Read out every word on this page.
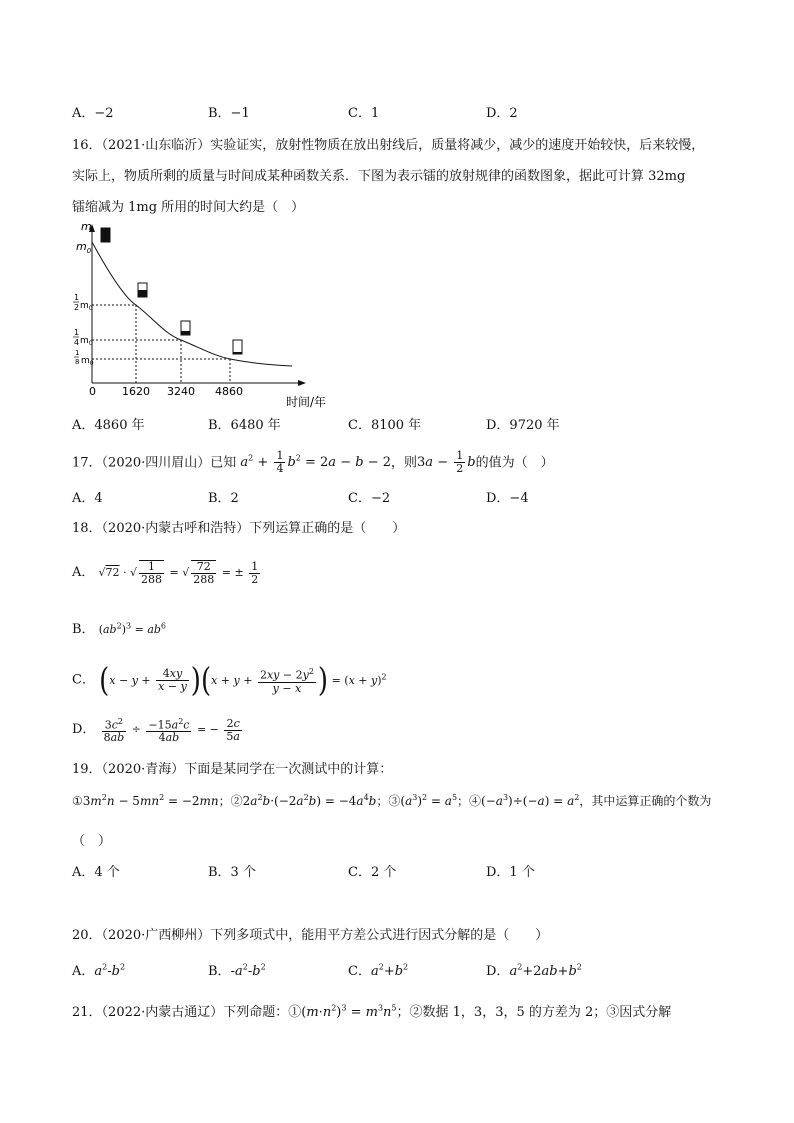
A．−2	B．−1	C．1	D．2
16．（2021·山东临沂）实验证实，放射性物质在放出射线后，质量将减少，减少的速度开始较快，后来较慢，
实际上，物质所剩的质量与时间成某种函数关系．下图为表示镭的放射规律的函数图象，据此可计算 32mg
镭缩减为 1mg 所用的时间大约是（　）
m
$m_0$
1
2 $m_0$
1
4 $m_0$
1
8 $m_0$
0 1620 3240 4860
时间/年
A．4860 年	B．6480 年	C．8100 年	D．9720 年
17．（2020·四川眉山）已知 $a^2 + \frac{1}{4} b^2 = 2a - b - 2$，则$3a - \frac{1}{2}$ b的值为（　）
A．4	B．2	C．−2	D．−4
18．（2020·内蒙古呼和浩特）下列运算正确的是（　　）
A． √72 · √ $\frac{1}{288}$ = √ $\frac{72}{288}$ = ± $\frac{1}{2}$
B． $(ab^2)^3 = ab^6$
C． $(x - y + \frac{4xy}{x - y} )(x + y + \frac{2xy - 2y^2}{y - x}$ ) = $(x + y)^2$
D． $\frac{3c^2}{8ab} \div \frac{-15a^2c}{4ab}$ = − $\frac{2c}{5a}$
19．（2020·青海）下面是某同学在一次测试中的计算：
$①3m^2n - 5mn^2 = -2mn$；$②2a^2b\cdot(-2a^2b) = -4a^4b$；$③(a^3)^2 = a^5$；$④(-a^3)\div(-a) = a^2$，其中运算正确的个数为
（　）
A．4 个	B．3 个	C．2 个	D．1 个
20．（2020·广西柳州）下列多项式中，能用平方差公式进行因式分解的是（　　）
A．$a^2-b^2$	B．$-a^2-b^2$	C．$a^2+b^2$	D．$a^2+2ab+b^2$
21．（2022·内蒙古通辽）下列命题：$①(m\cdot n^2)^3 = m^3n^5$；②数据 1，3，3，5 的方差为 2；③因式分解
